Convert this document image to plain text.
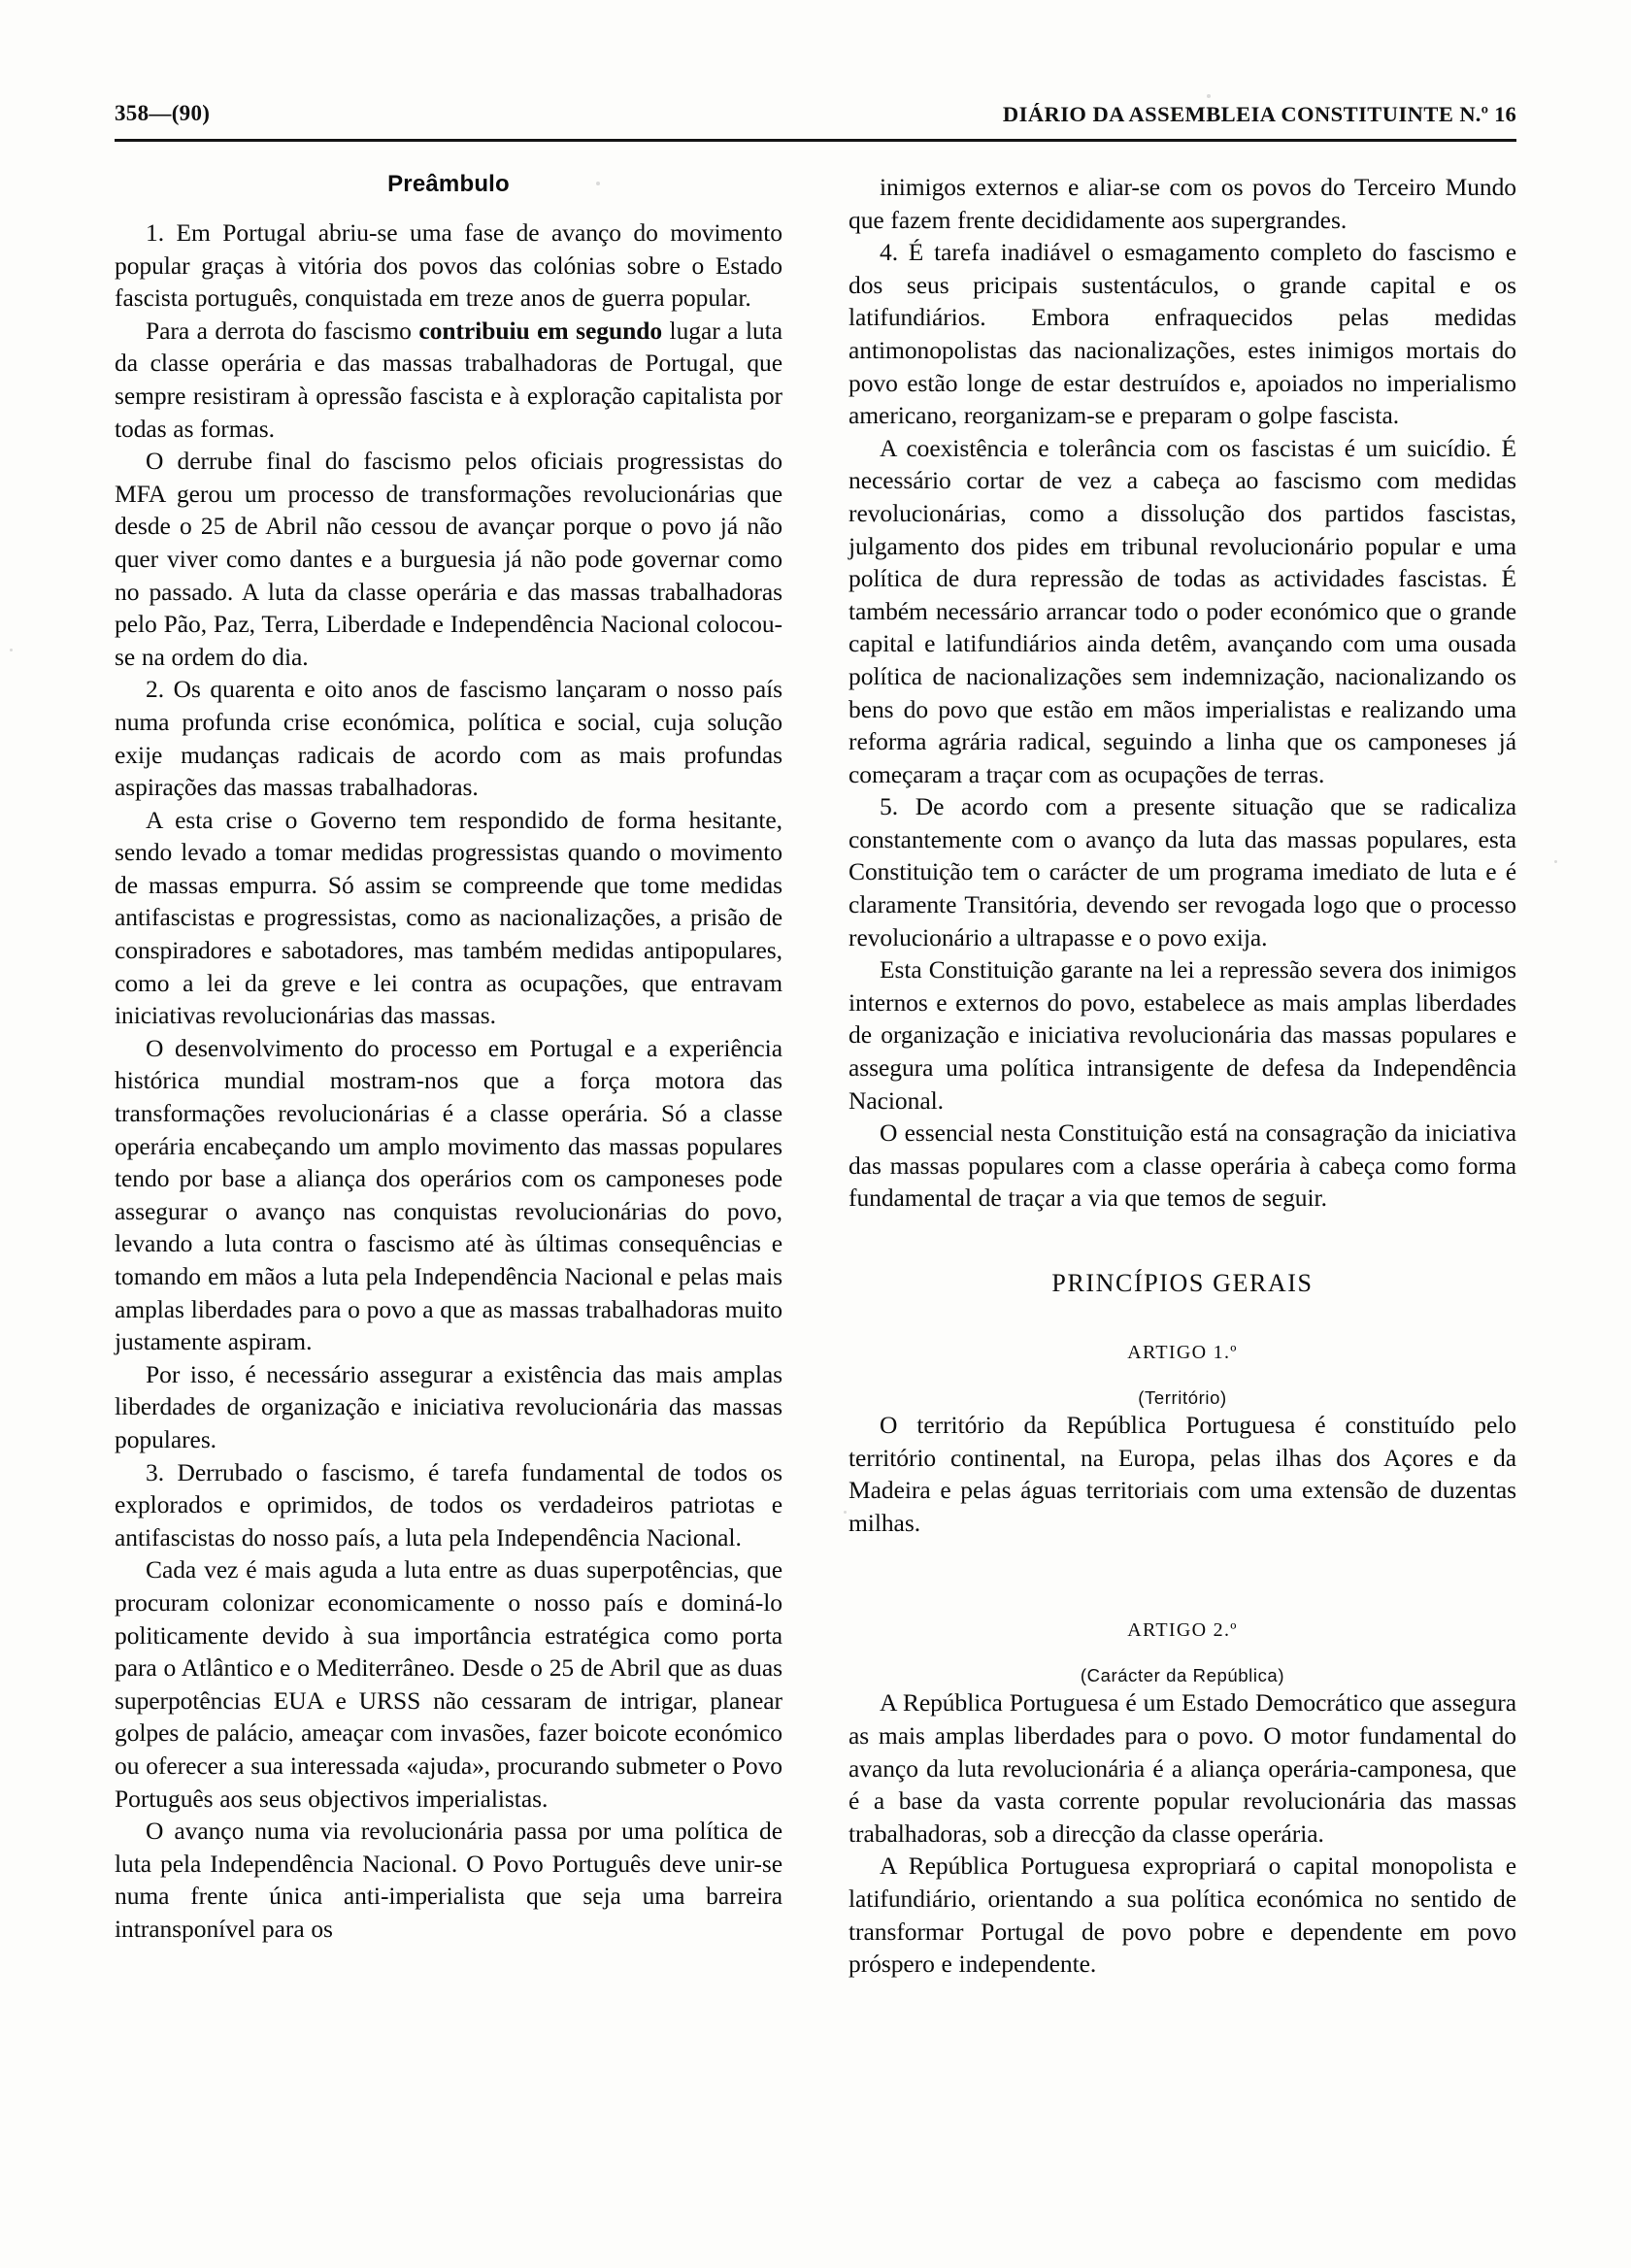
358—(90)	DIÁRIO DA ASSEMBLEIA CONSTITUINTE N.º 16
Preâmbulo

1. Em Portugal abriu-se uma fase de avanço do movimento popular graças à vitória dos povos das colónias sobre o Estado fascista português, conquistada em treze anos de guerra popular.

Para a derrota do fascismo contribuiu em segundo lugar a luta da classe operária e das massas trabalhadoras de Portugal, que sempre resistiram à opressão fascista e à exploração capitalista por todas as formas.

O derrube final do fascismo pelos oficiais progressistas do MFA gerou um processo de transformações revolucionárias que desde o 25 de Abril não cessou de avançar porque o povo já não quer viver como dantes e a burguesia já não pode governar como no passado. A luta da classe operária e das massas trabalhadoras pelo Pão, Paz, Terra, Liberdade e Independência Nacional colocou-se na ordem do dia.

2. Os quarenta e oito anos de fascismo lançaram o nosso país numa profunda crise económica, política e social, cuja solução exije mudanças radicais de acordo com as mais profundas aspirações das massas trabalhadoras.

A esta crise o Governo tem respondido de forma hesitante, sendo levado a tomar medidas progressistas quando o movimento de massas empurra. Só assim se compreende que tome medidas antifascistas e progressistas, como as nacionalizações, a prisão de conspiradores e sabotadores, mas também medidas antipopulares, como a lei da greve e lei contra as ocupações, que entravam iniciativas revolucionárias das massas.

O desenvolvimento do processo em Portugal e a experiência histórica mundial mostram-nos que a força motora das transformações revolucionárias é a classe operária. Só a classe operária encabeçando um amplo movimento das massas populares tendo por base a aliança dos operários com os camponeses pode assegurar o avanço nas conquistas revolucionárias do povo, levando a luta contra o fascismo até às últimas consequências e tomando em mãos a luta pela Independência Nacional e pelas mais amplas liberdades para o povo a que as massas trabalhadoras muito justamente aspiram.

Por isso, é necessário assegurar a existência das mais amplas liberdades de organização e iniciativa revolucionária das massas populares.

3. Derrubado o fascismo, é tarefa fundamental de todos os explorados e oprimidos, de todos os verdadeiros patriotas e antifascistas do nosso país, a luta pela Independência Nacional.

Cada vez é mais aguda a luta entre as duas superpotências, que procuram colonizar economicamente o nosso país e dominá-lo politicamente devido à sua importância estratégica como porta para o Atlântico e o Mediterrâneo. Desde o 25 de Abril que as duas superpotências EUA e URSS não cessaram de intrigar, planear golpes de palácio, ameaçar com invasões, fazer boicote económico ou oferecer a sua interessada «ajuda», procurando submeter o Povo Português aos seus objectivos imperialistas.

O avanço numa via revolucionária passa por uma política de luta pela Independência Nacional. O Povo Português deve unir-se numa frente única anti-imperialista que seja uma barreira intransponível para os

inimigos externos e aliar-se com os povos do Terceiro Mundo que fazem frente decididamente aos supergrandes.

4. É tarefa inadiável o esmagamento completo do fascismo e dos seus pricipais sustentáculos, o grande capital e os latifundiários. Embora enfraquecidos pelas medidas antimonopolistas das nacionalizações, estes inimigos mortais do povo estão longe de estar destruídos e, apoiados no imperialismo americano, reorganizam-se e preparam o golpe fascista.

A coexistência e tolerância com os fascistas é um suicídio. É necessário cortar de vez a cabeça ao fascismo com medidas revolucionárias, como a dissolução dos partidos fascistas, julgamento dos pides em tribunal revolucionário popular e uma política de dura repressão de todas as actividades fascistas. É também necessário arrancar todo o poder económico que o grande capital e latifundiários ainda detêm, avançando com uma ousada política de nacionalizações sem indemnização, nacionalizando os bens do povo que estão em mãos imperialistas e realizando uma reforma agrária radical, seguindo a linha que os camponeses já começaram a traçar com as ocupações de terras.

5. De acordo com a presente situação que se radicaliza constantemente com o avanço da luta das massas populares, esta Constituição tem o carácter de um programa imediato de luta e é claramente Transitória, devendo ser revogada logo que o processo revolucionário a ultrapasse e o povo exija.

Esta Constituição garante na lei a repressão severa dos inimigos internos e externos do povo, estabelece as mais amplas liberdades de organização e iniciativa revolucionária das massas populares e assegura uma política intransigente de defesa da Independência Nacional.

O essencial nesta Constituição está na consagração da iniciativa das massas populares com a classe operária à cabeça como forma fundamental de traçar a via que temos de seguir.

PRINCÍPIOS GERAIS
ARTIGO 1.º
(Território)

O território da República Portuguesa é constituído pelo território continental, na Europa, pelas ilhas dos Açores e da Madeira e pelas águas territoriais com uma extensão de duzentas milhas.

ARTIGO 2.º
(Carácter da República)

A República Portuguesa é um Estado Democrático que assegura as mais amplas liberdades para o povo. O motor fundamental do avanço da luta revolucionária é a aliança operária-camponesa, que é a base da vasta corrente popular revolucionária das massas trabalhadoras, sob a direcção da classe operária.

A República Portuguesa expropriará o capital monopolista e latifundiário, orientando a sua política económica no sentido de transformar Portugal de povo pobre e dependente em povo próspero e independente.
